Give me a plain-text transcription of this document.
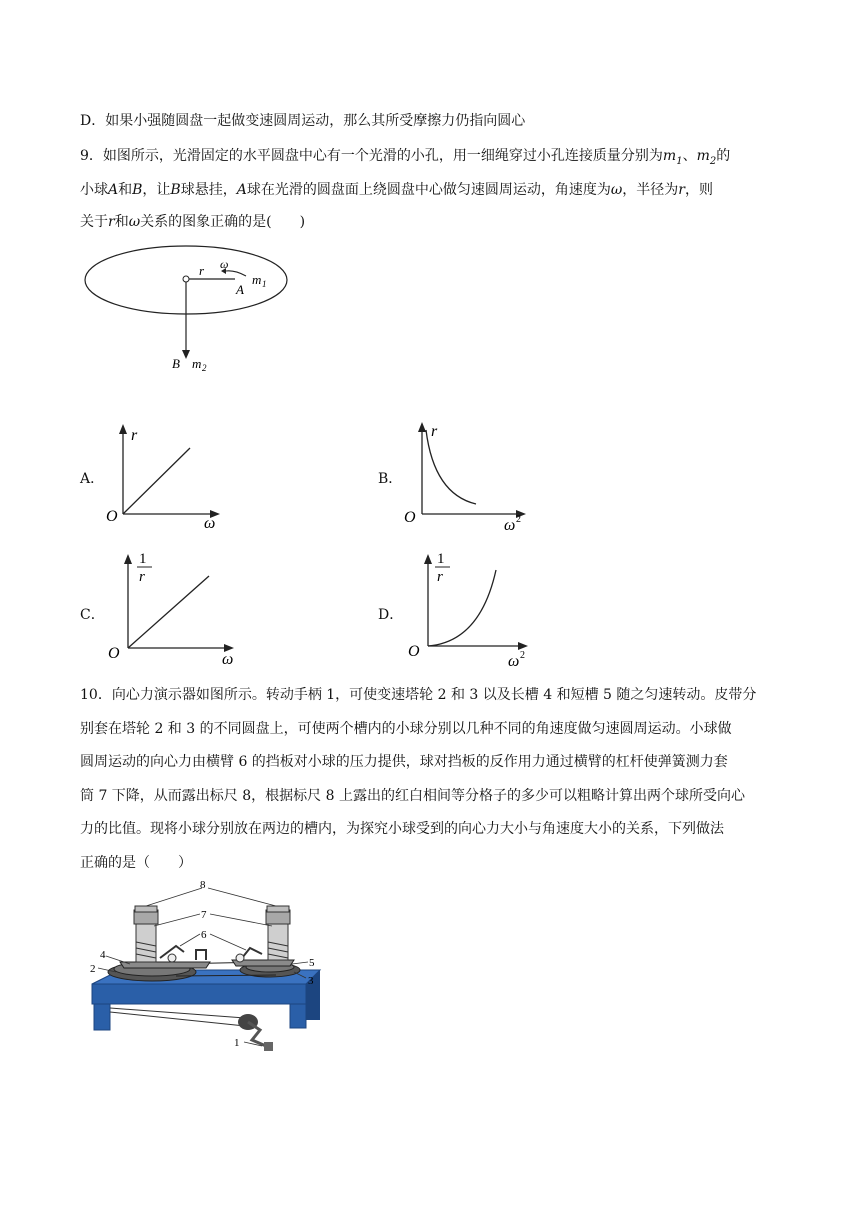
D．如果小强随圆盘一起做变速圆周运动，那么其所受摩擦力仍指向圆心
9．如图所示，光滑固定的水平圆盘中心有一个光滑的小孔，用一细绳穿过小孔连接质量分别为$m_1$、$m_2$的
小球A和B，让B球悬挂，A球在光滑的圆盘面上绕圆盘中心做匀速圆周运动，角速度为ω，半径为r，则
关于r和ω关系的图象正确的是(　　)
r ω
m 1
A
B m 2
A．
r
ω
O
B．
r
ω 2
O
C．
1
r
ω
O
D．
1
r
ω 2
O
10．向心力演示器如图所示。转动手柄 1，可使变速塔轮 2 和 3 以及长槽 4 和短槽 5 随之匀速转动。皮带分
别套在塔轮 2 和 3 的不同圆盘上，可使两个槽内的小球分别以几种不同的角速度做匀速圆周运动。小球做
圆周运动的向心力由横臂 6 的挡板对小球的压力提供，球对挡板的反作用力通过横臂的杠杆使弹簧测力套
筒 7 下降，从而露出标尺 8，根据标尺 8 上露出的红白相间等分格子的多少可以粗略计算出两个球所受向心
力的比值。现将小球分别放在两边的槽内，为探究小球受到的向心力大小与角速度大小的关系，下列做法
正确的是（　　）
8
7
6
4
2	5
3
1
